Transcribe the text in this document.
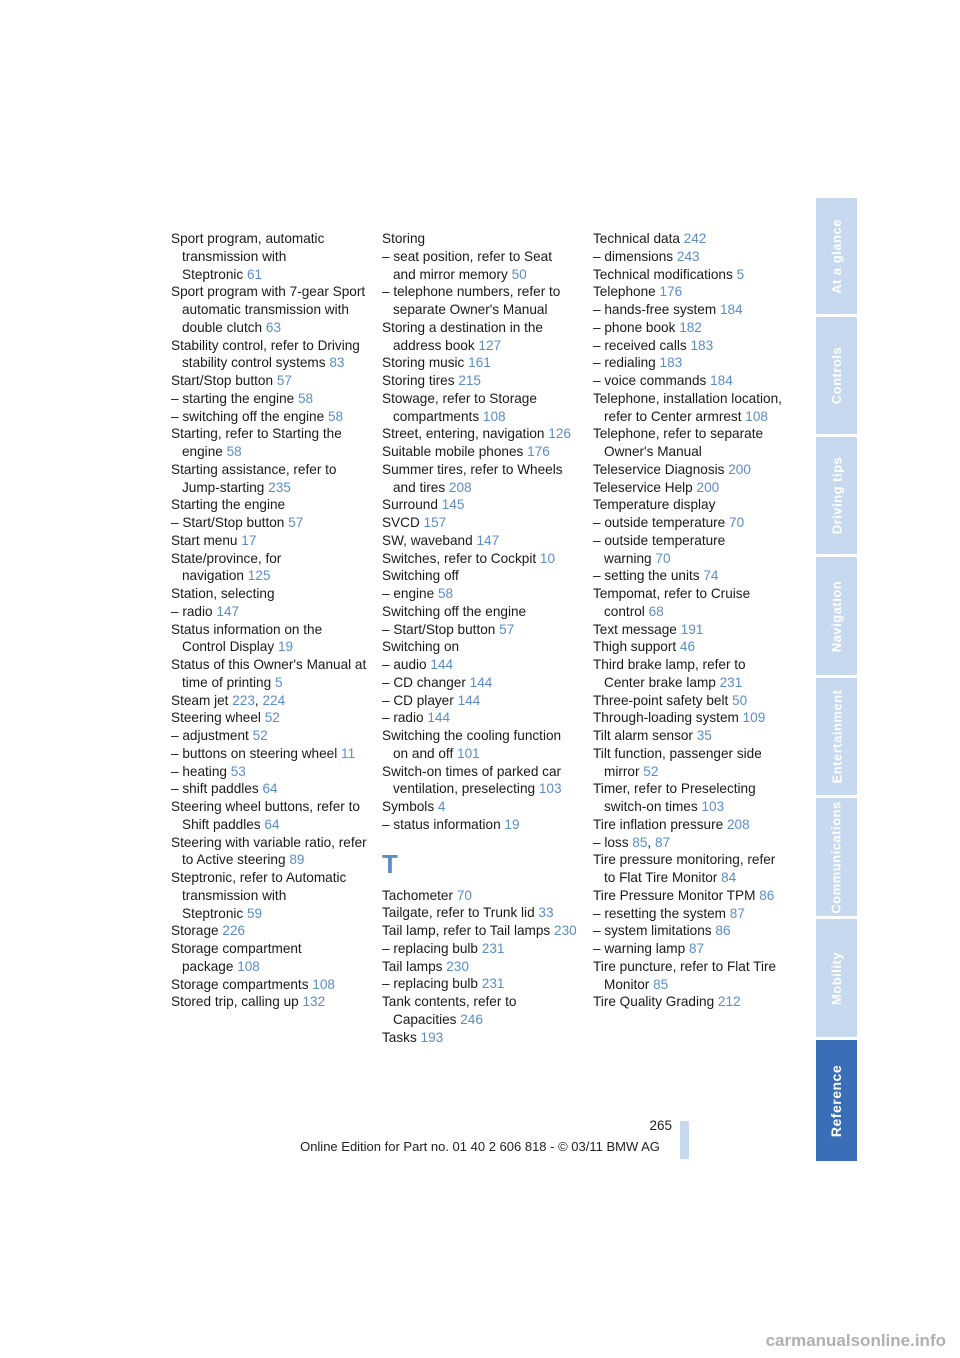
Sport program, automatic transmission with Steptronic 61
Sport program with 7-gear Sport automatic transmission with double clutch 63
Stability control, refer to Driving stability control systems 83
Start/Stop button 57
– starting the engine 58
– switching off the engine 58
Starting, refer to Starting the engine 58
Starting assistance, refer to Jump-starting 235
Starting the engine
– Start/Stop button 57
Start menu 17
State/province, for navigation 125
Station, selecting
– radio 147
Status information on the Control Display 19
Status of this Owner's Manual at time of printing 5
Steam jet 223, 224
Steering wheel 52
– adjustment 52
– buttons on steering wheel 11
– heating 53
– shift paddles 64
Steering wheel buttons, refer to Shift paddles 64
Steering with variable ratio, refer to Active steering 89
Steptronic, refer to Automatic transmission with Steptronic 59
Storage 226
Storage compartment package 108
Storage compartments 108
Stored trip, calling up 132
Storing
– seat position, refer to Seat and mirror memory 50
– telephone numbers, refer to separate Owner's Manual
Storing a destination in the address book 127
Storing music 161
Storing tires 215
Stowage, refer to Storage compartments 108
Street, entering, navigation 126
Suitable mobile phones 176
Summer tires, refer to Wheels and tires 208
Surround 145
SVCD 157
SW, waveband 147
Switches, refer to Cockpit 10
Switching off
– engine 58
Switching off the engine
– Start/Stop button 57
Switching on
– audio 144
– CD changer 144
– CD player 144
– radio 144
Switching the cooling function on and off 101
Switch-on times of parked car ventilation, preselecting 103
Symbols 4
– status information 19
T
Tachometer 70
Tailgate, refer to Trunk lid 33
Tail lamp, refer to Tail lamps 230
– replacing bulb 231
Tail lamps 230
– replacing bulb 231
Tank contents, refer to Capacities 246
Tasks 193
Technical data 242
– dimensions 243
Technical modifications 5
Telephone 176
– hands-free system 184
– phone book 182
– received calls 183
– redialing 183
– voice commands 184
Telephone, installation location, refer to Center armrest 108
Telephone, refer to separate Owner's Manual
Teleservice Diagnosis 200
Teleservice Help 200
Temperature display
– outside temperature 70
– outside temperature warning 70
– setting the units 74
Tempomat, refer to Cruise control 68
Text message 191
Thigh support 46
Third brake lamp, refer to Center brake lamp 231
Three-point safety belt 50
Through-loading system 109
Tilt alarm sensor 35
Tilt function, passenger side mirror 52
Timer, refer to Preselecting switch-on times 103
Tire inflation pressure 208
– loss 85, 87
Tire pressure monitoring, refer to Flat Tire Monitor 84
Tire Pressure Monitor TPM 86
– resetting the system 87
– system limitations 86
– warning lamp 87
Tire puncture, refer to Flat Tire Monitor 85
Tire Quality Grading 212
At a glance
Controls
Driving tips
Navigation
Entertainment
Communications
Mobility
Reference
265
Online Edition for Part no. 01 40 2 606 818 - © 03/11 BMW AG
carmanualsonline.info
